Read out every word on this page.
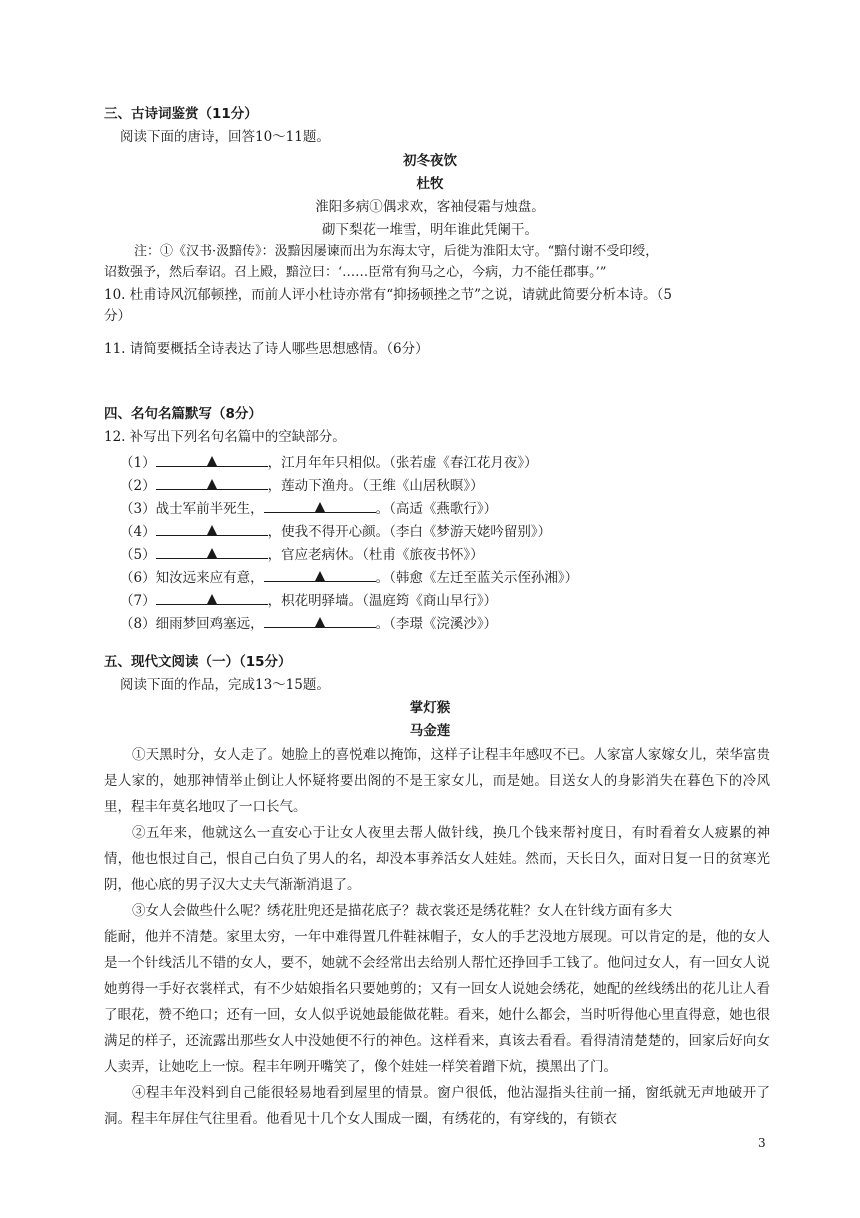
三、古诗词鉴赏（11分）
阅读下面的唐诗，回答10～11题。
初冬夜饮
杜牧
淮阳多病①偶求欢，客袖侵霜与烛盘。
砌下梨花一堆雪，明年谁此凭阑干。
注：①《汉书·汲黯传》：汲黯因屡谏而出为东海太守，后徙为淮阳太守。“黯付谢不受印绶，
诏数强予，然后奉诏。召上殿，黯泣曰：‘……臣常有狗马之心，今病，力不能任郡事。’”
10. 杜甫诗风沉郁顿挫，而前人评小杜诗亦常有“抑扬顿挫之节”之说，请就此简要分析本诗。（5
分）
11. 请简要概括全诗表达了诗人哪些思想感情。（6分）
四、名句名篇默写（8分）
12. 补写出下列名句名篇中的空缺部分。
（1）	，江月年年只相似。（张若虚《春江花月夜》）
（2）	，莲动下渔舟。（王维《山居秋暝》）
（3）战士军前半死生，	。（高适《燕歌行》）
（4）	，使我不得开心颜。（李白《梦游天姥吟留别》）
（5）	，官应老病休。（杜甫《旅夜书怀》）
（6）知汝远来应有意，	。（韩愈《左迁至蓝关示侄孙湘》）
（7）	，枳花明驿墙。（温庭筠《商山早行》）
（8）细雨梦回鸡塞远，	。（李璟《浣溪沙》）
五、现代文阅读（一）（15分）
阅读下面的作品，完成13～15题。
掌灯猴
马金莲
①天黑时分，女人走了。她脸上的喜悦难以掩饰，这样子让程丰年感叹不已。人家富人家嫁女儿，荣华富贵是人家的，她那神情举止倒让人怀疑将要出阁的不是王家女儿，而是她。目送女人的身影消失在暮色下的冷风里，程丰年莫名地叹了一口长气。
②五年来，他就这么一直安心于让女人夜里去帮人做针线，换几个钱来帮衬度日，有时看着女人疲累的神情，他也恨过自己，恨自己白负了男人的名，却没本事养活女人娃娃。然而，天长日久，面对日复一日的贫寒光阴，他心底的男子汉大丈夫气渐渐消退了。
③女人会做些什么呢？绣花肚兜还是描花底子？裁衣裳还是绣花鞋？女人在针线方面有多大
能耐，他并不清楚。家里太穷，一年中难得置几件鞋袜帽子，女人的手艺没地方展现。可以肯定的是，他的女人是一个针线活儿不错的女人，要不，她就不会经常出去给别人帮忙还挣回手工钱了。他问过女人，有一回女人说她剪得一手好衣裳样式，有不少姑娘指名只要她剪的；又有一回女人说她会绣花，她配的丝线绣出的花儿让人看了眼花，赞不绝口；还有一回，女人似乎说她最能做花鞋。看来，她什么都会，当时听得他心里直得意，她也很满足的样子，还流露出那些女人中没她便不行的神色。这样看来，真该去看看。看得清清楚楚的，回家后好向女人卖弄，让她吃上一惊。程丰年咧开嘴笑了，像个娃娃一样笑着蹭下炕，摸黑出了门。
④程丰年没料到自己能很轻易地看到屋里的情景。窗户很低，他沾湿指头往前一捅，窗纸就无声地破开了洞。程丰年屏住气往里看。他看见十几个女人围成一圈，有绣花的，有穿线的，有锁衣
3
